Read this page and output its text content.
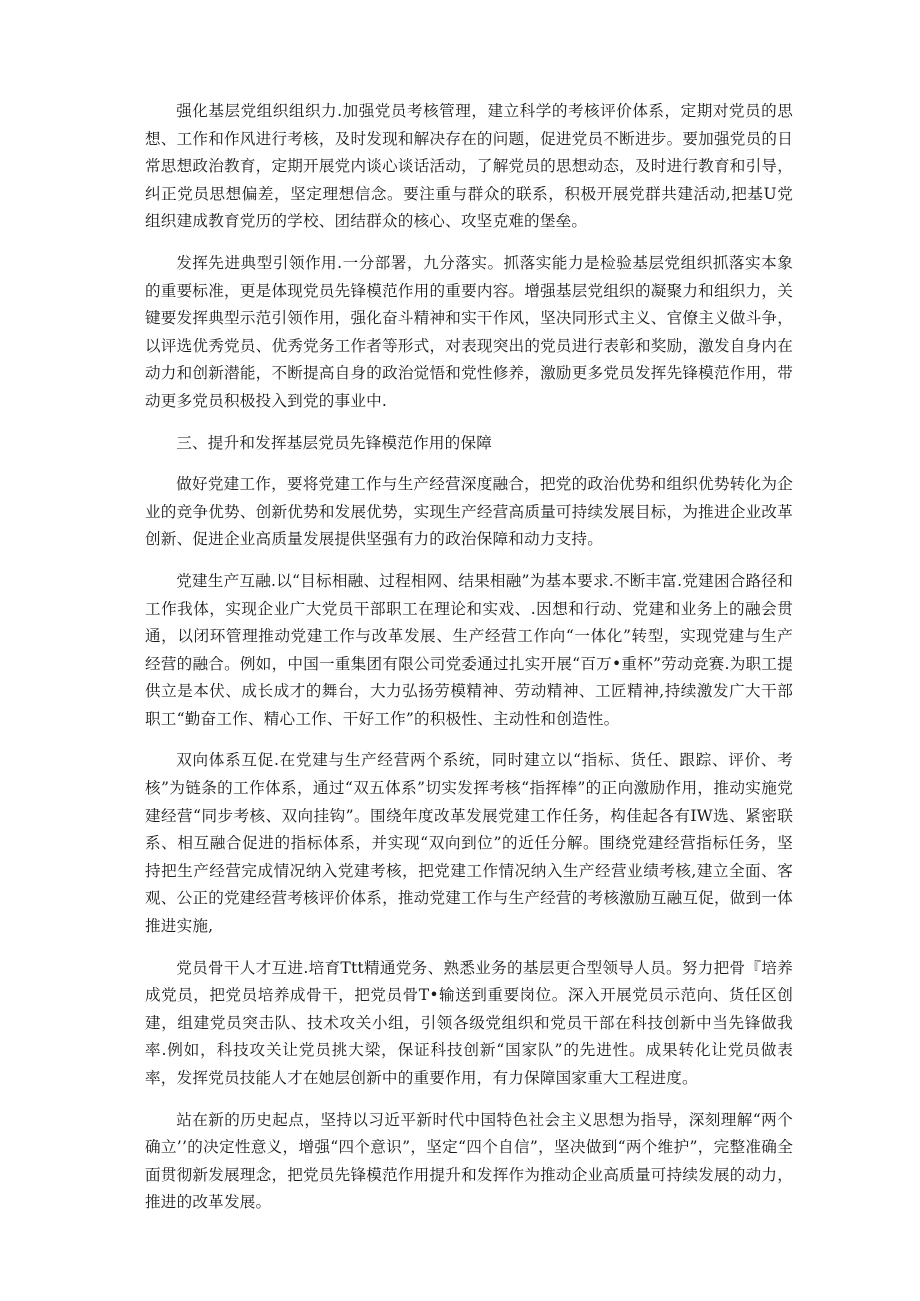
强化基层党组织组织力.加强党员考核管理，建立科学的考核评价体系，定期对党员的思想、工作和作风进行考核，及时发现和解决存在的问题，促进党员不断进步。要加强党员的日常思想政治教育，定期开展党内谈心谈话活动，了解党员的思想动态，及时进行教育和引导，纠正党员思想偏差，坚定理想信念。要注重与群众的联系，积极开展党群共建活动,把基U党组织建成教育党历的学校、团结群众的核心、攻坚克难的堡垒。

发挥先进典型引领作用.一分部署，九分落实。抓落实能力是检验基层党组织抓落实本象的重要标准，更是体现党员先锋模范作用的重要内容。增强基层党组织的凝聚力和组织力，关键要发挥典型示范引领作用，强化奋斗精神和实干作风，坚决同形式主义、官僚主义做斗争，以评选优秀党员、优秀党务工作者等形式，对表现突出的党员进行表彰和奖励，激发自身内在动力和创新潜能，不断提高自身的政治觉悟和党性修养，激励更多党员发挥先锋模范作用，带动更多党员积极投入到党的事业中.

三、提升和发挥基层党员先锋模范作用的保障

做好党建工作，要将党建工作与生产经营深度融合，把党的政治优势和组织优势转化为企业的竞争优势、创新优势和发展优势，实现生产经营高质量可持续发展目标，为推进企业改革创新、促进企业高质量发展提供坚强有力的政治保障和动力支持。

党建生产互融.以“目标相融、过程相网、结果相融”为基本要求.不断丰富.党建困合路径和工作我体，实现企业广大党员干部职工在理论和实戏、.因想和行动、党建和业务上的融会贯通，以闭环管理推动党建工作与改革发展、生产经营工作向“一体化”转型，实现党建与生产经营的融合。例如，中国一重集团有限公司党委通过扎实开展“百万•重杯”劳动竞赛.为职工提供立是本伏、成长成才的舞台，大力弘扬劳模精神、劳动精神、工匠精神,持续激发广大干部职工“勤奋工作、精心工作、干好工作”的积极性、主动性和创造性。

双向体系互促.在党建与生产经营两个系统，同时建立以“指标、货任、跟踪、评价、考核”为链条的工作体系，通过“双五体系”切实发挥考核“指挥棒”的正向激励作用，推动实施党建经营“同步考核、双向挂钩”。围绕年度改革发展党建工作任务，构佳起各有IW选、紧密联系、相互融合促进的指标体系，并实现“双向到位”的近任分解。围绕党建经营指标任务，坚持把生产经营完成情况纳入党建考核，把党建工作情况纳入生产经营业绩考核,建立全面、客观、公正的党建经营考核评价体系，推动党建工作与生产经营的考核激励互融互促，做到一体推进实施,

党员骨干人才互进.培育Ttt精通党务、熟悉业务的基层更合型领导人员。努力把骨『培养成党员，把党员培养成骨干，把党员骨T•输送到重要岗位。深入开展党员示范向、货任区创建，组建党员突击队、技术攻关小组，引领各级党组织和党员干部在科技创新中当先锋做我率.例如，科技攻关让党员挑大梁，保证科技创新“国家队”的先进性。成果转化让党员做表率，发挥党员技能人才在她层创新中的重要作用，有力保障国家重大工程进度。

站在新的历史起点，坚持以习近平新时代中国特色社会主义思想为指导，深刻理解“两个确立’’的决定性意义，增强“四个意识”，坚定“四个自信”，坚决做到“两个维护”，完整准确全面贯彻新发展理念，把党员先锋模范作用提升和发挥作为推动企业高质量可持续发展的动力，推进的改革发展。
